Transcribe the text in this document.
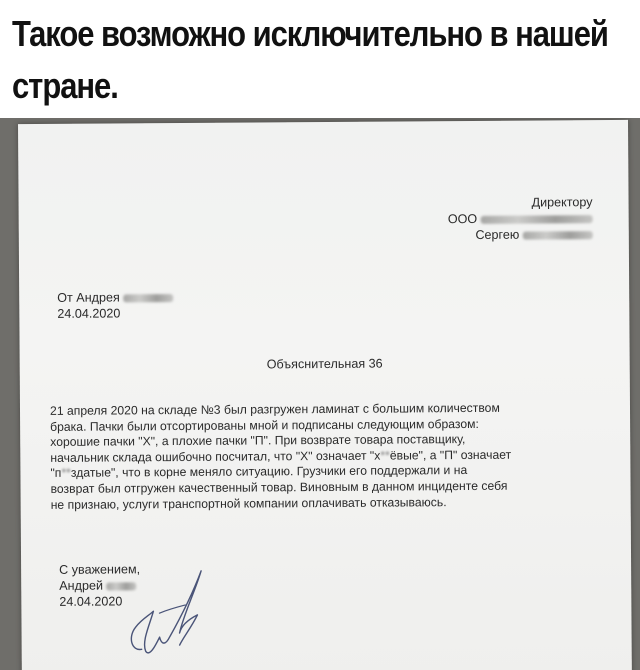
Такое возможно исключительно в нашей
стране.
Директору
ООО
Сергею
От Андрея
24.04.2020
Объяснительная 36
21 апреля 2020 на складе №3 был разгружен ламинат с большим количеством
брака. Пачки были отсортированы мной и подписаны следующим образом:
хорошие пачки "Х", а плохие пачки "П". При возврате товара поставщику,
начальник склада ошибочно посчитал, что "Х" означает "х**ёвые", а "П" означает
"п**здатые", что в корне меняло ситуацию. Грузчики его поддержали и на
возврат был отгружен качественный товар. Виновным в данном инциденте себя
не признаю, услуги транспортной компании оплачивать отказываюсь.
С уважением,
Андрей
24.04.2020
